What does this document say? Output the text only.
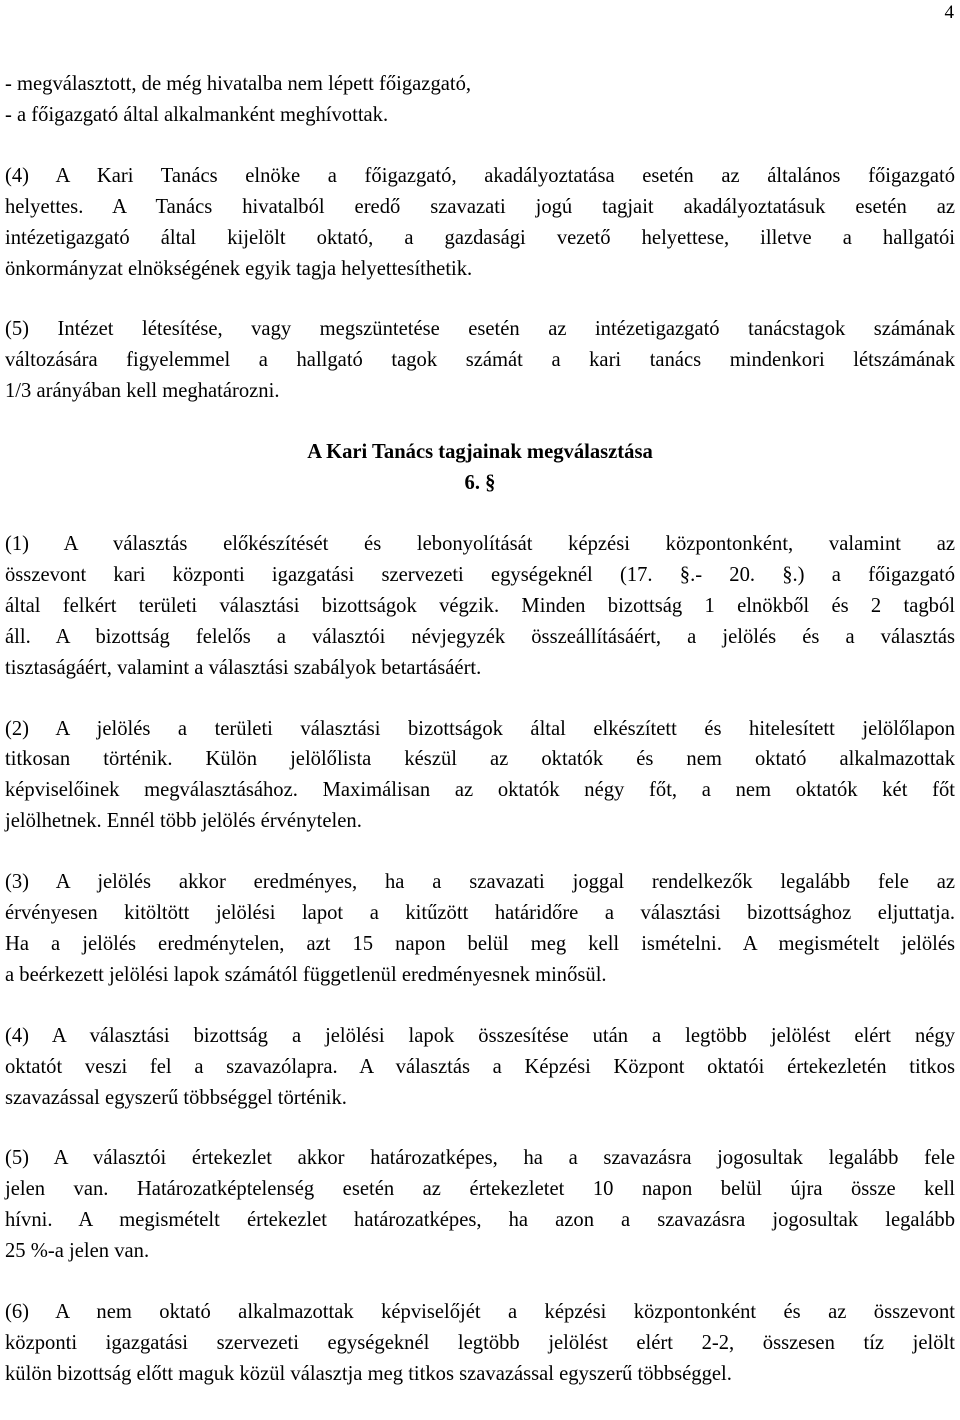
4
- megválasztott, de még hivatalba nem lépett főigazgató,
- a főigazgató által alkalmanként meghívottak.
(4) A Kari Tanács elnöke a főigazgató, akadályoztatása esetén az általános főigazgató
helyettes. A Tanács hivatalból eredő szavazati jogú tagjait akadályoztatásuk esetén az
intézetigazgató által kijelölt oktató, a gazdasági vezető helyettese, illetve a hallgatói
önkormányzat elnökségének egyik tagja helyettesíthetik.
(5) Intézet létesítése, vagy megszüntetése esetén az intézetigazgató tanácstagok számának
változására figyelemmel a hallgató tagok számát a kari tanács mindenkori létszámának
1/3 arányában kell meghatározni.
A Kari Tanács tagjainak megválasztása
6. §
(1) A választás előkészítését és lebonyolítását képzési központonként, valamint az
összevont kari központi igazgatási szervezeti egységeknél (17. §.- 20. §.) a főigazgató
által felkért területi választási bizottságok végzik. Minden bizottság 1 elnökből és 2 tagból
áll. A bizottság felelős a választói névjegyzék összeállításáért, a jelölés és a választás
tisztaságáért, valamint a választási szabályok betartásáért.
(2) A jelölés a területi választási bizottságok által elkészített és hitelesített jelölőlapon
titkosan történik. Külön jelölőlista készül az oktatók és nem oktató alkalmazottak
képviselőinek megválasztásához. Maximálisan az oktatók négy főt, a nem oktatók két főt
jelölhetnek. Ennél több jelölés érvénytelen.
(3) A jelölés akkor eredményes, ha a szavazati joggal rendelkezők legalább fele az
érvényesen kitöltött jelölési lapot a kitűzött határidőre a választási bizottsághoz eljuttatja.
Ha a jelölés eredménytelen, azt 15 napon belül meg kell ismételni. A megismételt jelölés
a beérkezett jelölési lapok számától függetlenül eredményesnek minősül.
(4) A választási bizottság a jelölési lapok összesítése után a legtöbb jelölést elért négy
oktatót veszi fel a szavazólapra. A választás a Képzési Központ oktatói értekezletén titkos
szavazással egyszerű többséggel történik.
(5) A választói értekezlet akkor határozatképes, ha a szavazásra jogosultak legalább fele
jelen van. Határozatképtelenség esetén az értekezletet 10 napon belül újra össze kell
hívni. A megismételt értekezlet határozatképes, ha azon a szavazásra jogosultak legalább
25 %-a jelen van.
(6) A nem oktató alkalmazottak képviselőjét a képzési központonként és az összevont
központi igazgatási szervezeti egységeknél legtöbb jelölést elért 2-2, összesen tíz jelölt
külön bizottság előtt maguk közül választja meg titkos szavazással egyszerű többséggel.
